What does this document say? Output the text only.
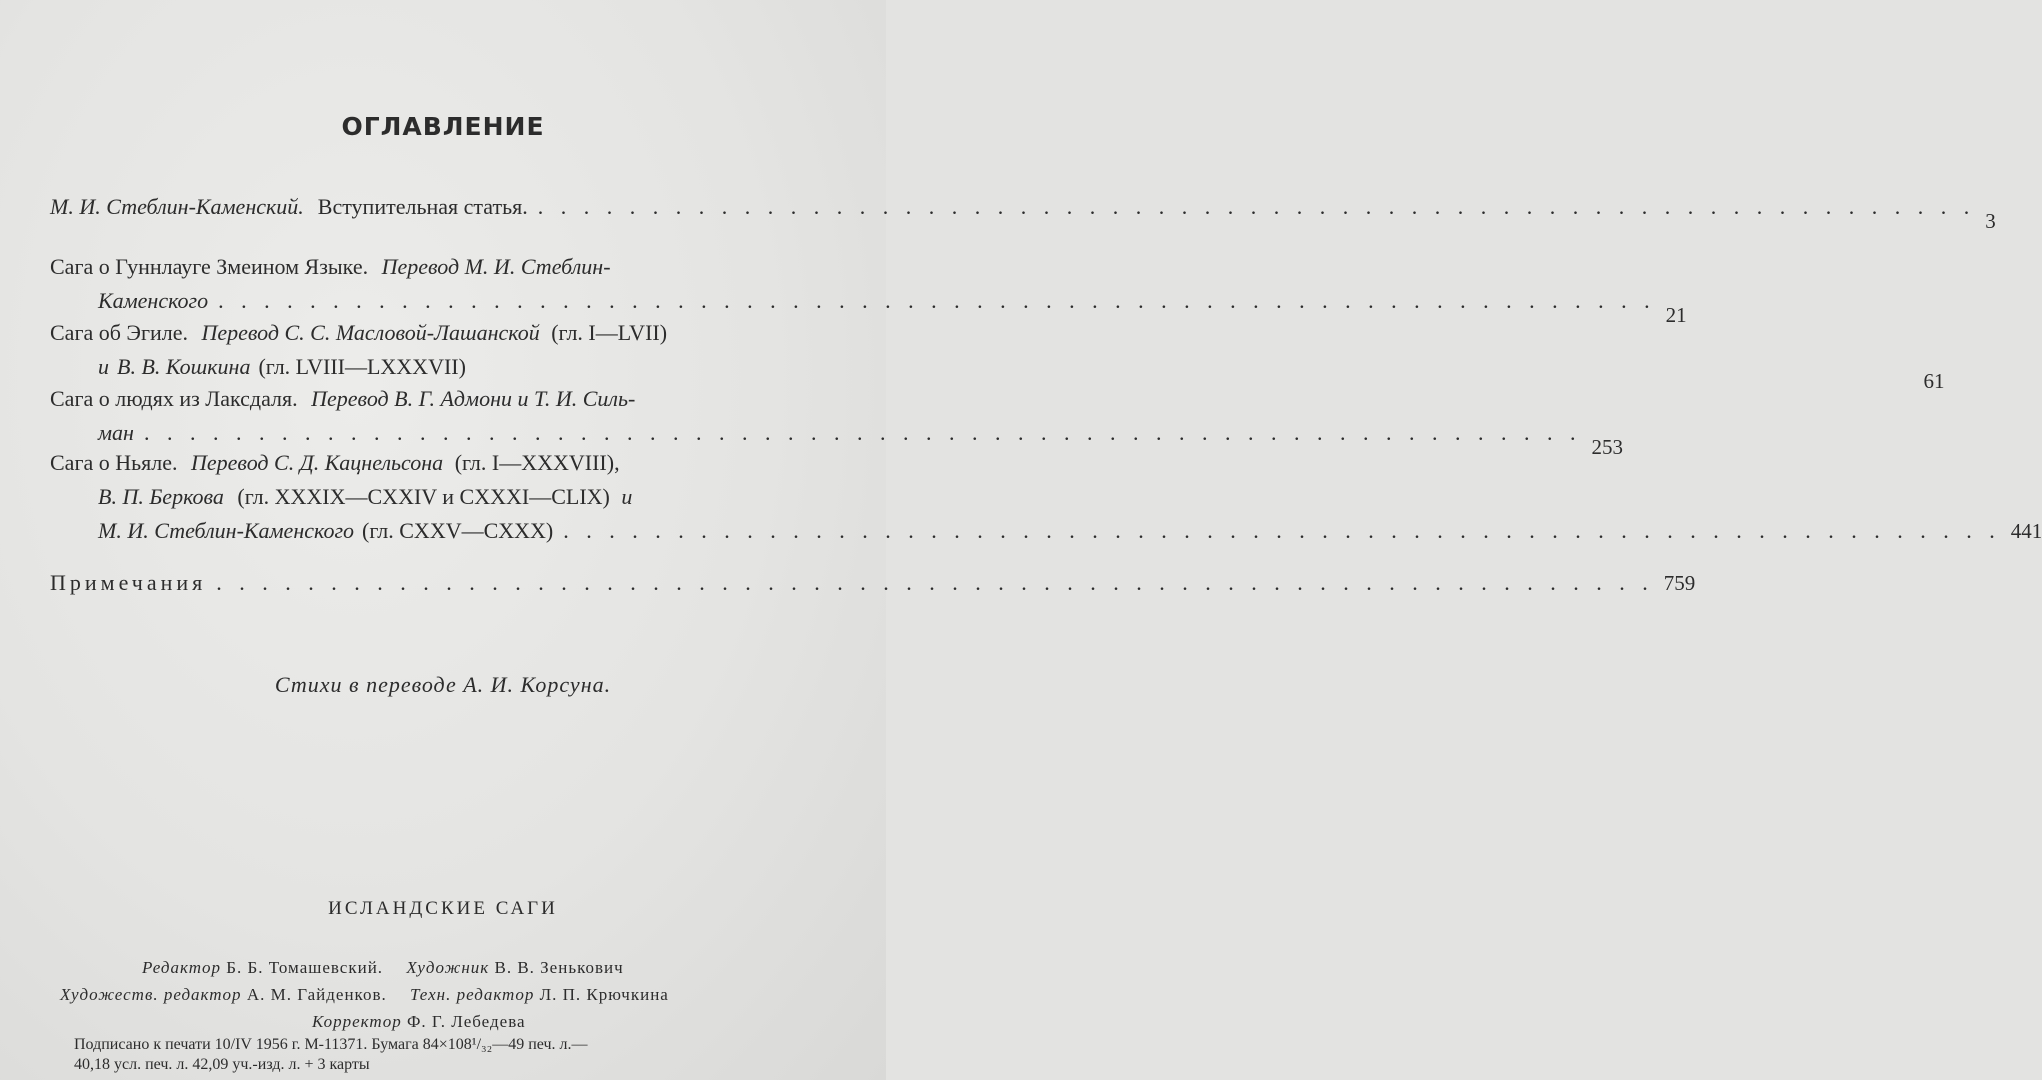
ОГЛАВЛЕНИЕ
М. И. Стеблин-Каменский. Вступительная статья. . . . . . . . . . . . . . . . . . . . . . . . . . . . . . . . . . . . . . . . . . . . . . . . . . . . . . . . . . . . . . . .
3
Сага о Гуннлауге Змеином Языке. Перевод М. И. Стеблин-
Каменского . . . . . . . . . . . . . . . . . . . . . . . . . . . . . . . . . . . . . . . . . . . . . . . . . . . . . . . . . . . . . . .
21
Сага об Эгиле. Перевод С. С. Масловой-Лашанской (гл. I—LVII)
и В. В. Кошкина (гл. LVIII—LXXXVII)
61
Сага о людях из Лаксдаля. Перевод В. Г. Адмони и Т. И. Силь-
ман . . . . . . . . . . . . . . . . . . . . . . . . . . . . . . . . . . . . . . . . . . . . . . . . . . . . . . . . . . . . . . .
253
Сага о Ньяле. Перевод С. Д. Кацнельсона (гл. I—XXXVIII),
В. П. Беркова (гл. XXXIX—CXXIV и CXXXI—CLIX) и
М. И. Стеблин-Каменского (гл. CXXV—CXXX) . . . . . . . . . . . . . . . . . . . . . . . . . . . . . . . . . . . . . . . . . . . . . . . . . . . . . . . . . . . . . . . 441
Примечания . . . . . . . . . . . . . . . . . . . . . . . . . . . . . . . . . . . . . . . . . . . . . . . . . . . . . . . . . . . . . . . 759
Стихи в переводе А. И. Корсуна.
ИСЛАНДСКИЕ САГИ
Редактор Б. Б. Томашевский. Художник В. В. Зенькович
Художеств. редактор А. М. Гайденков. Техн. редактор Л. П. Крючкина
Корректор Ф. Г. Лебедева
Подписано к печати 10/IV 1956 г. М-11371. Бумага 84×108¹/₃₂—49 печ. л.—
40,18 усл. печ. л. 42,09 уч.-изд. л. + 3 карты
